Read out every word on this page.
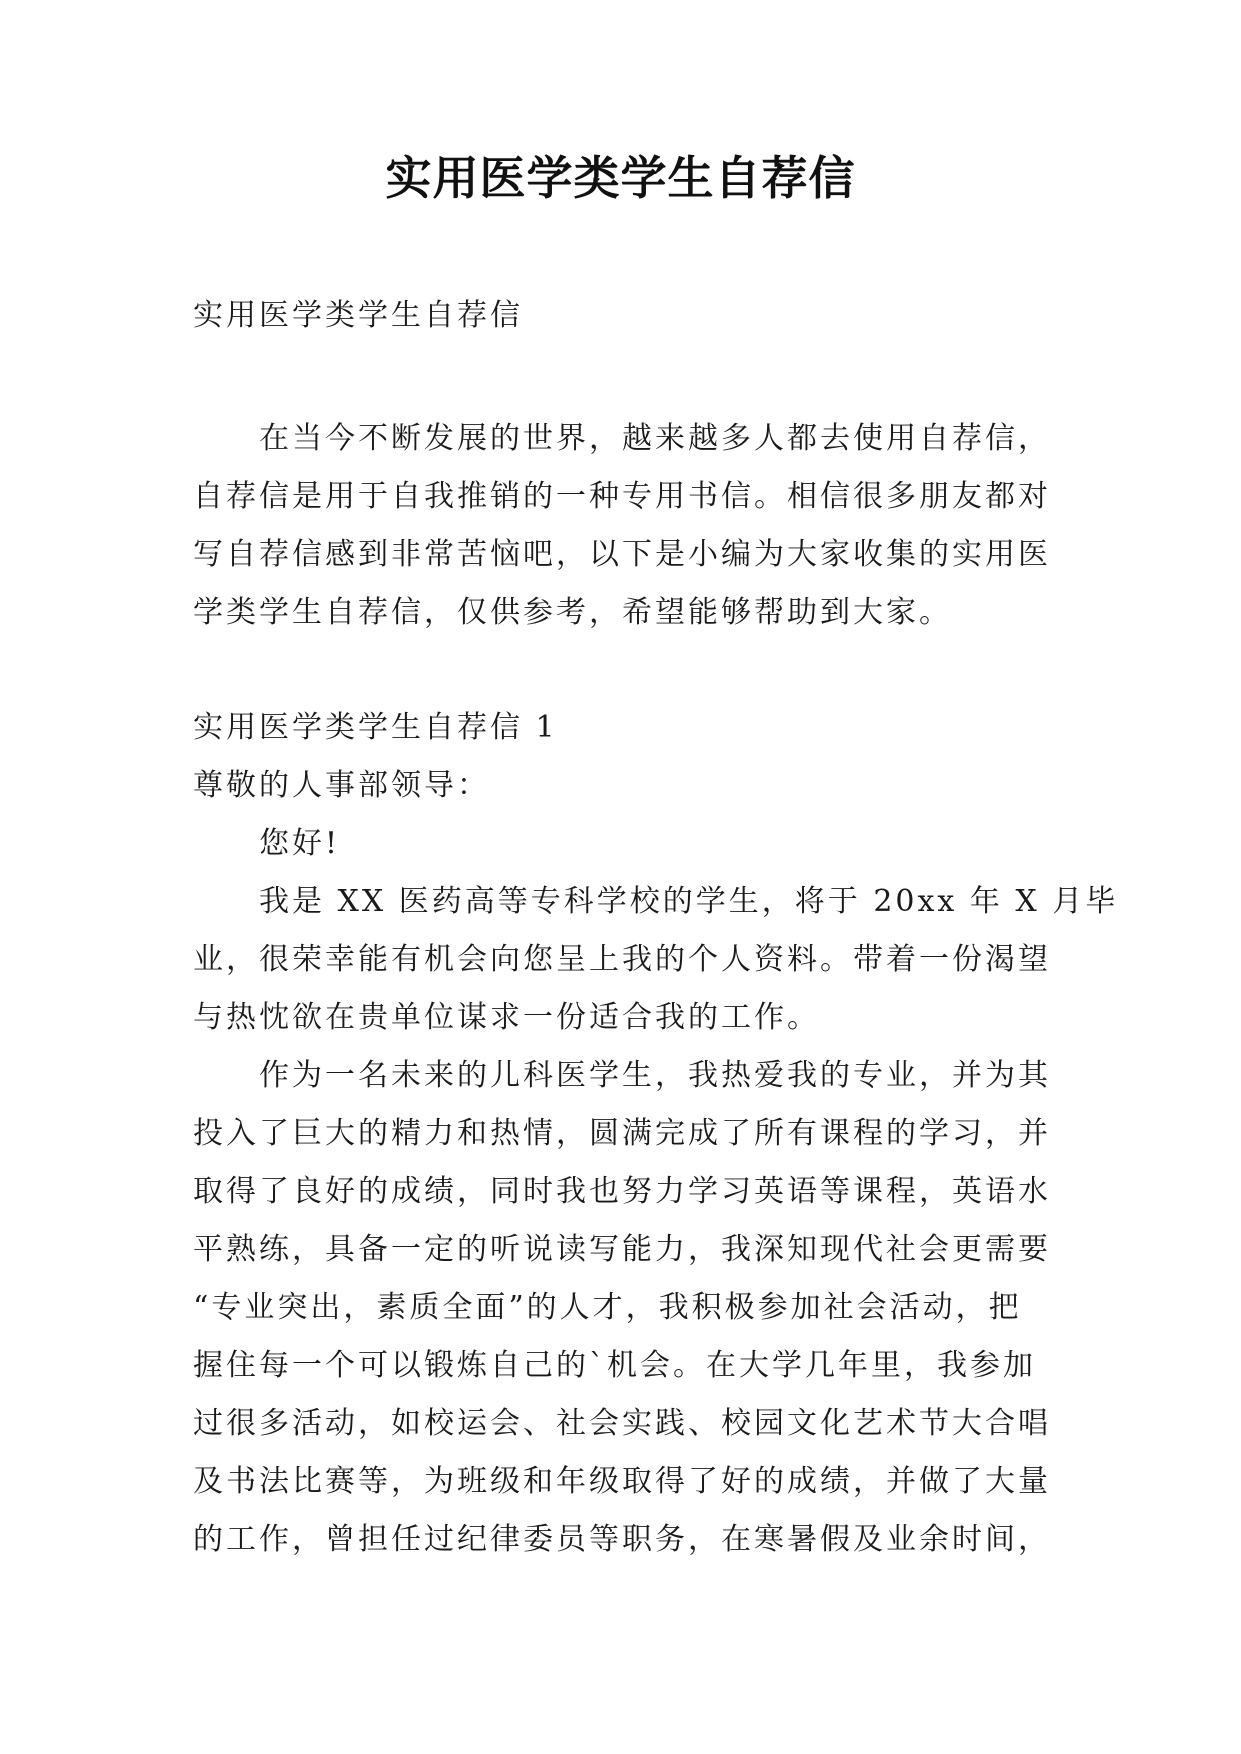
实用医学类学生自荐信
实用医学类学生自荐信
在当今不断发展的世界，越来越多人都去使用自荐信，
自荐信是用于自我推销的一种专用书信。相信很多朋友都对
写自荐信感到非常苦恼吧，以下是小编为大家收集的实用医
学类学生自荐信，仅供参考，希望能够帮助到大家。
实用医学类学生自荐信 1
尊敬的人事部领导：
您好!
我是 XX 医药高等专科学校的学生，将于 20xx 年 X 月毕
业，很荣幸能有机会向您呈上我的个人资料。带着一份渴望
与热忱欲在贵单位谋求一份适合我的工作。
作为一名未来的儿科医学生，我热爱我的专业，并为其
投入了巨大的精力和热情，圆满完成了所有课程的学习，并
取得了良好的成绩，同时我也努力学习英语等课程，英语水
平熟练，具备一定的听说读写能力，我深知现代社会更需要
“专业突出，素质全面”的人才，我积极参加社会活动，把
握住每一个可以锻炼自己的`机会。在大学几年里，我参加
过很多活动，如校运会、社会实践、校园文化艺术节大合唱
及书法比赛等，为班级和年级取得了好的成绩，并做了大量
的工作，曾担任过纪律委员等职务，在寒暑假及业余时间，
